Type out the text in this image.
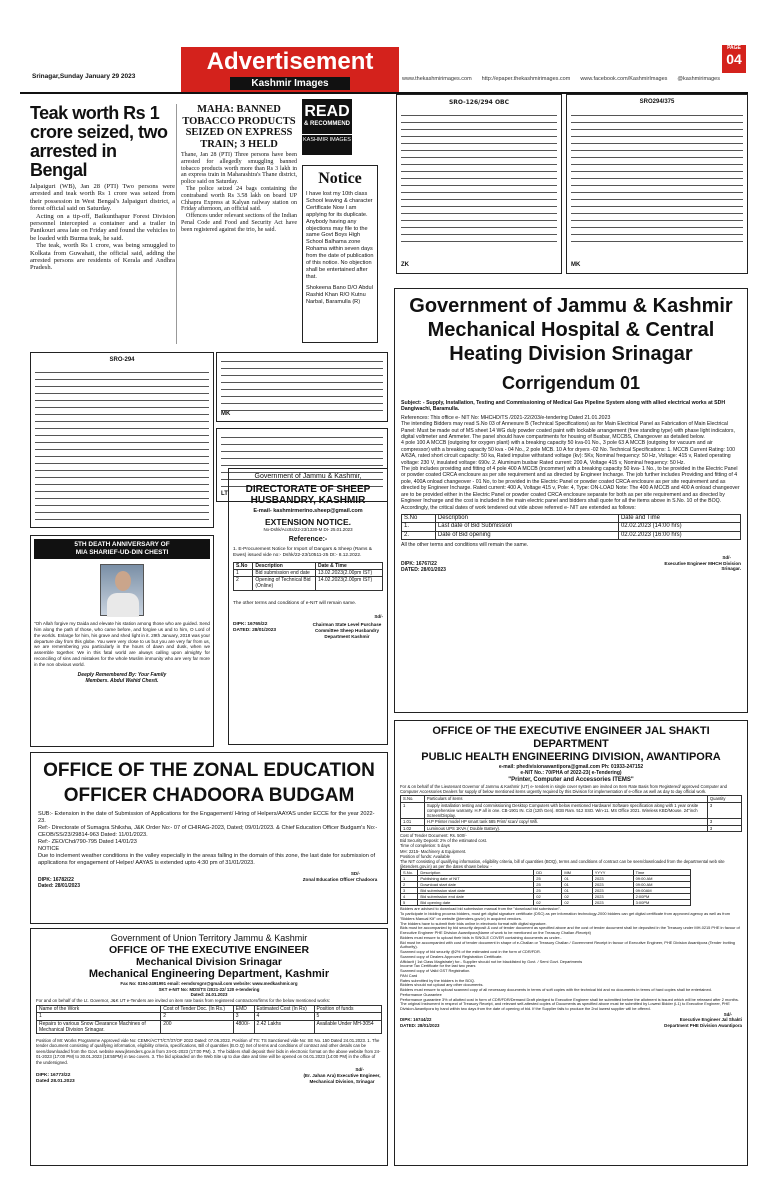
Srinagar,Sunday January 29 2023
Advertisement
Kashmir Images	www.thekashmirimages.com http://epaper.thekashmirimages.com www.facebook.com/KashmirImages @kashmirimages
PAGE
04
Teak worth Rs 1 crore seized, two arrested in Bengal

Jalpaiguri (WB), Jan 28 (PTI) Two persons were arrested and teak worth Rs 1 crore was seized from their possession in West Bengal's Jalpaiguri district, a forest official said on Saturday.

Acting on a tip-off, Baikunthapur Forest Division personnel intercepted a container and a trailer in Panikouri area late on Friday and found the vehicles to be loaded with Burma teak, he said.

The teak, worth Rs 1 crore, was being smuggled to Kolkata from Guwahati, the official said, adding the arrested persons are residents of Kerala and Andhra Pradesh.

MAHA: BANNED TOBACCO PRODUCTS SEIZED ON EXPRESS TRAIN; 3 HELD

Thane, Jan 28 (PTI) Three persons have been arrested for allegedly smuggling banned tobacco products worth more than Rs 3 lakh in an express train in Maharashtra's Thane district, police said on Saturday.

The police seized 24 bags containing the contraband worth Rs 3.58 lakh on board UP Chhapra Express at Kalyan railway station on Friday afternoon, an official said.

Offences under relevant sections of the Indian Penal Code and Food and Security Act have been registered against the trio, he said.

READ
& RECOMMEND
KASHMIR IMAGES
Notice

I have lost my 10th class School leaving & character Certificate Now I am applying for its duplicate. Anybody having any objections may file to the same Govt Boys High School Balhama zone Rohama within seven days from the date of publication of this notice. No objection shall be entertained after that.

Shokeena Bano D/O Abdul Rashid Khan R/O Kutnu Narbal, Baramulla (R)

SRO-126/294 OBC
ZK
SRO294/375
MK
SRO-294
MK
LT
5TH DEATH ANNIVERSARY OF
MIA SHARIEF-UD-DIN CHESTI

"Oh Allah forgive my Daida and elevate his station among those who are guided. Send him along the path of those, who came before, and forgive us and to him, O Lord of the worlds. Enlarge for him, his grave and shed light in it. 29th January, 2018 was your departure day from this globe. You were very close to us but you are very far from us, we are remembering you particularly in the hours of dawn and dusk, when we assemble together. We in this fatal world are always calling upon almighty for reconciling of sins and mistakes for the whole Muslim immunity who are very far more in the non obvious world.

Deeply Remembered By: Your Family Members. Abdul Wahid Chesti.
Government of Jammu & Kashmir,
DIRECTORATE OF SHEEP HUSBANDRY, KASHMIR
E-mail- kashmirmerino.sheep@gmail.com
EXTENSION NOTICE.
No-Dshk/Acctts/22-23/1330-M Dt- 25.01.2023
Reference:-

1. E-Procurement Notice for Import of Dangars & Sheep (Rams & Ewes) issued vide no:- Dshk/22-23/10511-25 Dt:- 8.12.2022.

S.No	Description	Date & Time
1	Bid submission end date	13.02.2023(2.00pm IST)
2	Opening of Technical Bid (Online)	14.02.2023(2.00pm IST)

The other terms and conditions of e-NIT will remain same.

Sd/-
DIPK: 16765/22
DATED: 28/01/2023
Chairman State Level Purchase Committee Sheep Husbandry Department Kashmir
Government of Jammu & Kashmir
Mechanical Hospital & Central
Heating Division Srinagar
Corrigendum 01

Subject: - Supply, Installation, Testing and Commissioning of Medical Gas Pipeline System along with allied electrical works at SDH Dangiwachi, Baramulla.

References: This office e- NIT No: MHCHD/TS /2021-22/203/e-tendering Dated 21.01.2023

The intending Bidders may read S.No 03 of Annexure B (Technical Specifications) as for Main Electrical Panel as Fabrication of Main Electrical Panel: Must be made out of MS sheet 14 WG duly powder coated paint with lockable arrangement (free standing type) with phase light indicators, digital voltmeter and Ammeter. The panel should have compartments for housing of Busbar, MCCBS, Changeover as detailed below.

4 pole 100 A MCCB (outgoing for oxygen plant) with a breaking capacity 50 kva-01 No., 3 pole 63 A MCCB (outgoing for vacuum and air compressor) with a breaking capacity 50 kva - 04 No., 2 pole MCB. 10 A for dryers -02 No. Technical Specifications: 1. MCCB Current Rating: 100 A/63A, rated short circuit capacity: 50 ka, Rated impulse withstand voltage (kv): 5Kv, Nominal frequency: 50 Hz, Voltage: 415 v, Rated operating voltage: 230 V, insulated voltage: 690v. 2. Aluminum busbar Rated current: 200 A, Voltage 415 v, Nominal frequency: 50 Hz.

The job includes providing and fitting of 4 pole 400 A MCCB (incommer) with a breaking capacity 50 kva- 1 No., to be provided in the Electric Panel or powder coated CRCA enclosure as per site requirement and as directed by Engineer Incharge. The job further includes Providing and fitting of 4 pole, 400A onload changeover - 01 No, to be provided in the Electric Panel or powder coated CRCA enclosure as per site requirement and as directed by Engineer Incharge. Rated current: 400 A, Voltage 415 v, Pole: 4, Type: ON-LOAD Note: The 400 A MCCB and 400 A onload changeover are to be provided either in the Electric Panel or powder coated CRCA enclosure separate for both as per site requirement and as directed by Engineer Incharge and the cost is included in the main electric panel and bidders shall quote for all the items above in S.No. 10 of the BOQ. Accordingly, the critical dates of work tendered out vide above referred e- NIT are extended as follows:

S.No	Description	Date and Time
1.	Last date of Bid Submission	02.02.2023 (14:00 hrs)
2.	Date of Bid opening	02.02.2023 (16:00 hrs)

All the other terms and conditions will remain the same.

Sd/-
DIPK: 16767/22
DATED: 28/01/2023
Executive Engineer MHCH Division Srinagar.
OFFICE OF THE ZONAL EDUCATION OFFICER CHADOORA BUDGAM

SUB:- Extension in the date of Submission of Applications for the Engagement/ Hiring of Helpers/AAYAS under ECCE for the year 2022-23.

Ref:- Directorate of Sumagra Shiksha, J&K Order No:- 07 of CHIRAG-2023, Dated; 09/01/2023. & Chief Education Officer Budgam's No:- CEOB/SS/23/29814-963 Dated: 11/01/2023.

Ref:- ZEO/Chd/790-795 Dated 14/01/23

NOTICE

Due to inclement weather conditions in the valley especially in the areas falling in the domain of this zone, the last date for submission of applications for engagement of Helper/ AAYAS is extended upto 4:30 pm of 31/01/2023.

SD/-
DIPK: 16782/22
Dated: 28/01/2023
Zonal Education Officer Chadoora
Government of Union Territory Jammu & Kashmir
OFFICE OF THE EXECUTIVE ENGINEER
Mechanical Division Srinagar
Mechanical Engineering Department, Kashmir
Fax No: 0194-2491991 email: eemdsrsgnr@gmail.com website: www.medkashmir.org
SKT e-NIT No: MDS/TS /2021-22/ 120 e-tendering
Dated: 24.01.2023

For and on behalf of the Lt. Governor, J&K UT e-Tenders are invited on item rate basis from registered contractors/firms for the below mentioned works:

Name of the Work	Cost of Tender Doc. (In Rs.)	EMD	Estimated Cost (In Rs)	Position of funds
1	2	3	4	5
Repairs to various Snow Clearance Machines of Mechanical Division Srinagar.	200	4800/-	2.42 Lakhs	Available Under MH-3054

Position of MI: Works Programme Approved vide No: CEMK/ACTT/CT/37/OF 2022 Dated: 07.06.2022. Position of TS: TS Sanctioned vide No: SE No. 150 Dated 24.01.2023. 1. The tender document consisting of qualifying information, eligibility criteria, specifications, Bill of quantities (B.O.Q) Set of terms and conditions of contract and other details can be seen/downloaded from the Govt. website www.jktenders.gov.in from 24-01-2023 (17:00 PM). 2. The bidders shall deposit their bids in electronic format on the above website from 24-01-2023 (17:00 PM) to 30.01.2023 (18:55PM) in two covers. 3. The bid uploaded on the Web Site up to due date and time will be opened on 04.01.2023 (14:00 PM) in the office of the undersigned.

Sd/-
DIPK: 16773/22
Dated 28.01.2023
(Er. Jahan Ara) Executive Engineer, Mechanical Division, Srinagar
OFFICE OF THE EXECUTIVE ENGINEER JAL SHAKTI DEPARTMENT
PUBLIC HEALTH ENGINEERING DIVISION, AWANTIPORA
e-mail: phedivisionawantipora@gmail.com Ph: 01933-247152
e-NIT No.: 70/PHA of 2022-23( e-Tendering)
"Printer, Computer and Accessories ITEMS"

For & on behalf of the Lieutenant Governor of Jammu & Kashmir (UT) e- tenders in single cover system are invited on Item Rate Basis from Registered/ approved Computer and Computer Accessories Dealers for supply of below mentioned items urgently required by this Division for implementation of e-office as well as day to day official work.

S.No.	Particulars of items	Quantity
1	Supply installation testing and commissioning Desktop Computers with below mentioned Hardware/ Software specification along with 1 year onsite comprehensive warranty. H.P all in one. CB-1901 IN. Ci3 (12th Gen). 8GB Ram. 512 SSD. Win-11. MS Office 2021. Wireless KBD/Mouse. 24"inch Screen/Display.	3
1.01	H.P Printer model HP smart tank 585 Print/ scan/ copy/ Wifi.	3
1.02	Luminous UPS 1KVA ( Double Battery).	3
Cost of Tender Document: Rs. 500/-
Bid Security Deposit: 2% of the estimated cost.
Time of completion: 5 days
MH: 2215- Machinery & Equipment.
Position of funds: Available

The NIT consisting of qualifying information, eligibility criteria, bill of quantities (BOQ), terms and conditions of contract can be seen/downloaded from the departmental web site (jktenders.gov.in) as per the dates shown below. -

S.No.	Description	DD	MM	YYYY	Time
1	Publishing date of NIT	25	01	2023	09:00 AM
2	Download start date	25	01	2023	09:00 AM
3	Bid submission start date	25	01	2023	09:00AM
4	Bid submission end date	02	02	2023	2:00PM
5	Bid opening date	02	02	2023	3:00PM
Bidders are advised to download bid submission manual from the "download bid submission".
To participate in bidding process bidders, must get digital signature certificate (DSC) as per information technology-2000 bidders can get digital certificate from approved agency as well as from "Bidders Manual Kit" on website (jktenders.gov.in) in acquired vendors.
The bidders have to submit their bids online in electronic format with digital signature.
Bids must be accompanied by bid security deposit & cost of tender document as specified above and the cost of tender document shall be deposited in the Treasury under MH-0215 PHE in favour of Executive Engineer PHE Division Awantipora(Name of work to be mentioned on the Treasury Challan /Receipt)
Bidders must ensure to upload their bids in SINGLE COVER containing documents as under:-
Bid must be accompanied with cost of tender document in shape of e-Challan or Treasury Challan / Government Receipt in favour of Executive Engineer, PHE Division Awantipora (Tender Inviting Authority).
Scanned copy of bid security @2% of the estimated cost in the form of CDR/FDR.
Scanned copy of Dealers Approved Registration Certificate.
Affidavit ( 1st Class Magistrate) for:- Supplier should not be blacklisted by Govt. / Semi Govt. Departments
Income Tax Certificate for the last two years
Scanned copy of Valid GST Registration.
PAN Card
Rates submitted by the bidders in the BOQ.
Bidders should not upload any other documents.
Bidders must ensure to upload scanned copy of all necessary documents in terms of soft copies with the technical bid and no documents in terms of hard copies shall be entertained.
Performance Guarantee

Performance guarantee 3% of allotted cost in form of CDR/FDR/Demand Draft pledged to Executive Engineer shall be submitted before the allotment is issued which will be released after 2 months.

The original Instrument in respect of Treasury Receipt, and relevant self-attested copies of Documents as specified above must be submitted by Lowest Bidder (L1) to Executive Engineer, PHE Division Awantipora by hand within two days from the date of opening of bid. If the Supplier fails to produce the 2nd lowest supplier will be offered.

Sd/-
DIPK: 16744/22
DATED: 28/01/2023
Executive Engineer Jal Shakti Department PHE Division Awantipora
